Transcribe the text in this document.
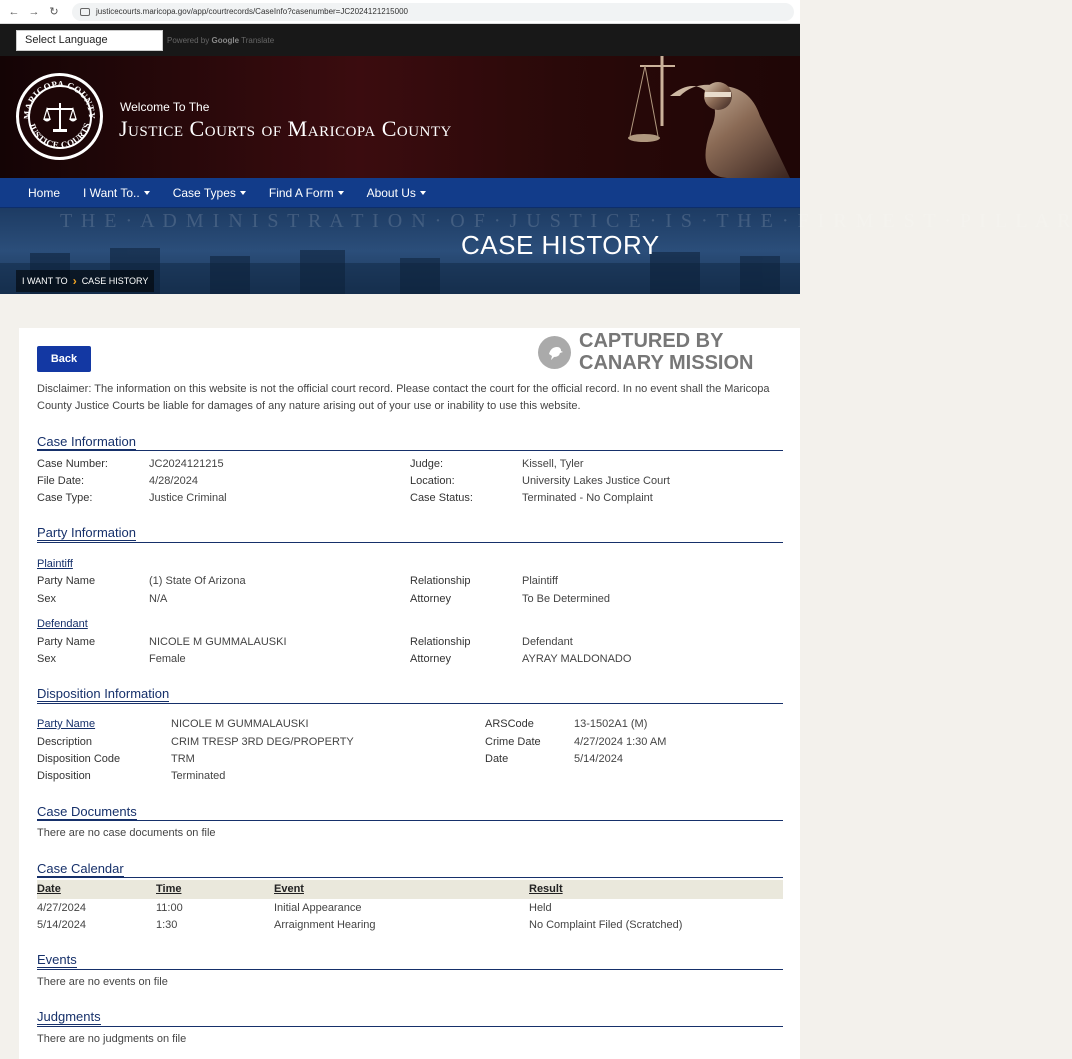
← → ↻	justicecourts.maricopa.gov/app/courtrecords/CaseInfo?casenumber=JC2024121215000
Select Language	Powered by Google Translate
MARICOPA COUNTY
JUSTICE COURTS
Welcome To The
Justice Courts of Maricopa County
Home I Want To..	Case Types	Find A Form	About Us
T H E · A D M I N I S T R A T I O N · O F · J U S T I C E · I S · T H E · F I R M E S T · P I L L A R
CASE HISTORY
I WANT TO › CASE HISTORY
Back
CAPTURED BY
CANARY MISSION
Disclaimer: The information on this website is not the official court record. Please contact the court for the official record. In no event shall the Maricopa County Justice Courts be liable for damages of any nature arising out of your use or inability to use this website.
Case Information
Case Number:	JC2024121215
File Date:	4/28/2024
Case Type:	Justice Criminal
Judge:	Kissell, Tyler
Location:	University Lakes Justice Court
Case Status:	Terminated - No Complaint
Party Information
Plaintiff
Party Name	(1) State Of Arizona
Sex	N/A
Relationship	Plaintiff
Attorney	To Be Determined
Defendant
Party Name	NICOLE M GUMMALAUSKI
Sex	Female
Relationship	Defendant
Attorney	AYRAY MALDONADO
Disposition Information
Party Name	NICOLE M GUMMALAUSKI
Description	CRIM TRESP 3RD DEG/PROPERTY
Disposition Code	TRM
Disposition	Terminated
ARSCode	13-1502A1 (M)
Crime Date	4/27/2024 1:30 AM
Date	5/14/2024
Case Documents
There are no case documents on file
Case Calendar
Date	Time	Event	Result
4/27/2024	11:00	Initial Appearance	Held
5/14/2024	1:30	Arraignment Hearing	No Complaint Filed (Scratched)
Events
There are no events on file
Judgments
There are no judgments on file
